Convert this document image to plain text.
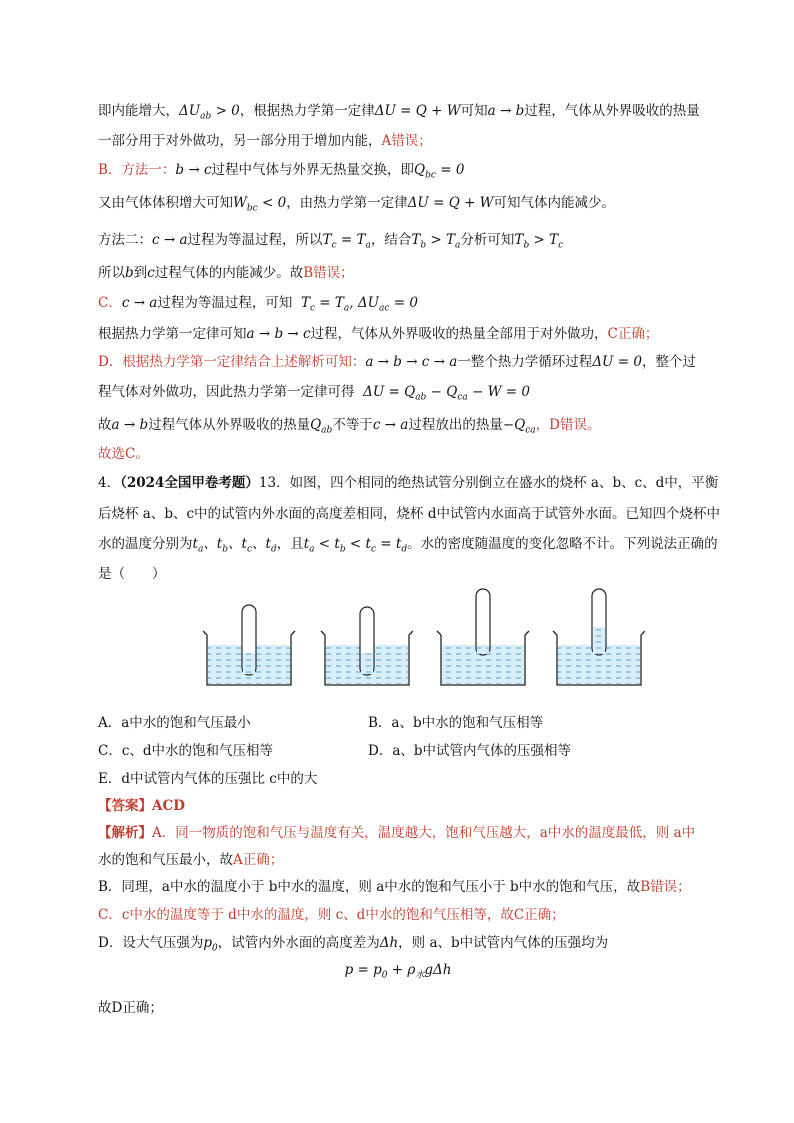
即内能增大，$\Delta U_{ab} > 0$，根据热力学第一定律ΔU = Q + W可知a → b过程，气体从外界吸收的热量
一部分用于对外做功，另一部分用于增加内能，A错误；
B．方法一：b → c过程中气体与外界无热量交换，即$Q_{bc} = 0$
又由气体体积增大可知$W_{bc} < 0$，由热力学第一定律ΔU = Q + W可知气体内能减少。
方法二：c → a过程为等温过程，所以$T_c = T_a$，结合$T_b > T_a$分析可知$T_b > T_c$
所以b到c过程气体的内能减少。故B错误；
C．c → a过程为等温过程，可知 $T_c = T_a$, $\Delta U_{ac} = 0$
根据热力学第一定律可知a → b → c过程，气体从外界吸收的热量全部用于对外做功，C正确；
D．根据热力学第一定律结合上述解析可知：a → b → c → a一整个热力学循环过程ΔU = 0，整个过
程气体对外做功，因此热力学第一定律可得 $\Delta U = Q_{ab} - Q_{ca} - W = 0$
故a → b过程气体从外界吸收的热量$Q_{ab}$不等于c → a过程放出的热量$-Q_{ca}$，D错误。
故选C。
4．（2024全国甲卷考题）13．如图，四个相同的绝热试管分别倒立在盛水的烧杯 a、b、c、d中，平衡
后烧杯 a、b、c中的试管内外水面的高度差相同，烧杯 d中试管内水面高于试管外水面。已知四个烧杯中
水的温度分别为$t_a$、$t_b$、$t_c$、$t_d$，且$t_a < t_b < t_c = t_d$。水的密度随温度的变化忽略不计。下列说法正确的
是（　　）
A．a中水的饱和气压最小	B．a、b中水的饱和气压相等
C．c、d中水的饱和气压相等	D．a、b中试管内气体的压强相等
E．d中试管内气体的压强比 c中的大
【答案】ACD
【解析】A．同一物质的饱和气压与温度有关，温度越大，饱和气压越大，a中水的温度最低，则 a中
水的饱和气压最小，故A正确；
B．同理，a中水的温度小于 b中水的温度，则 a中水的饱和气压小于 b中水的饱和气压，故B错误；
C．c中水的温度等于 d中水的温度，则 c、d中水的饱和气压相等，故C正确；
D．设大气压强为$p_0$，试管内外水面的高度差为Δh，则 a、b中试管内气体的压强均为
$p = p_0 + \rho_水g\Delta h$
故D正确；
